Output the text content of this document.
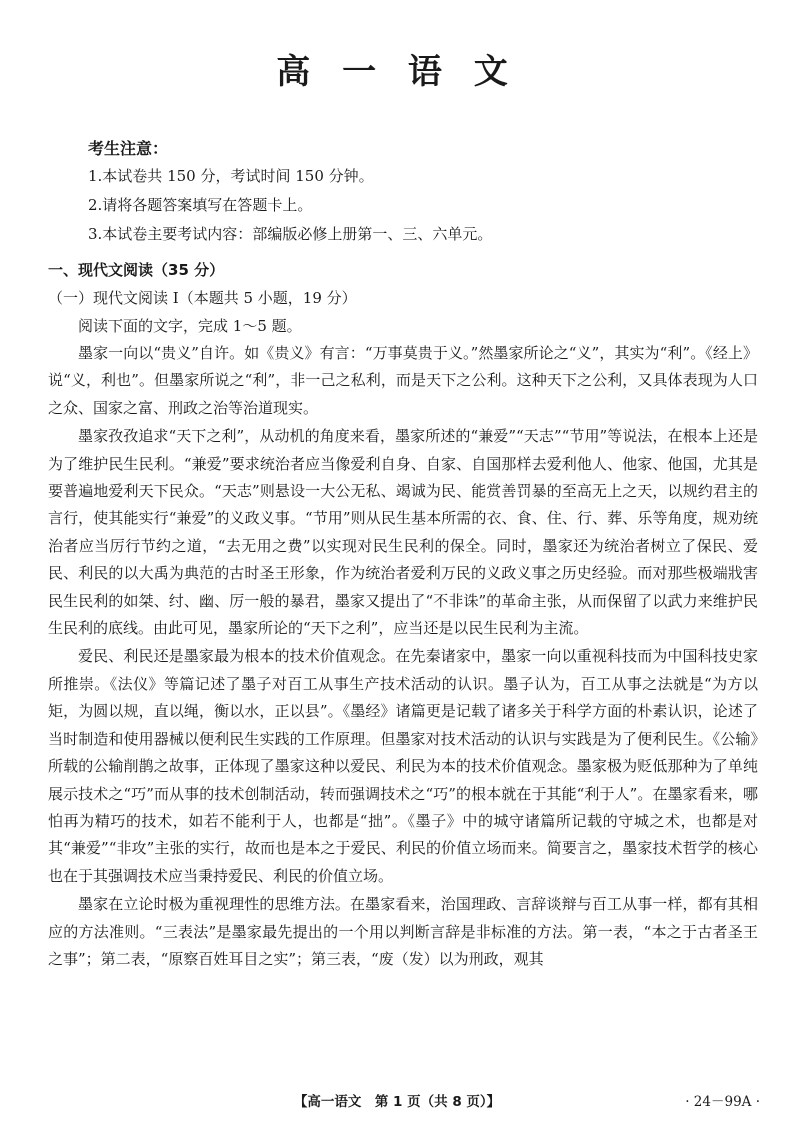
高 一 语 文
考生注意：
1.本试卷共 150 分，考试时间 150 分钟。
2.请将各题答案填写在答题卡上。
3.本试卷主要考试内容：部编版必修上册第一、三、六单元。
一、现代文阅读（35 分）
（一）现代文阅读 Ⅰ（本题共 5 小题，19 分）
阅读下面的文字，完成 1～5 题。

墨家一向以“贵义”自许。如《贵义》有言：“万事莫贵于义。”然墨家所论之“义”，其实为“利”。《经上》说“义，利也”。但墨家所说之“利”，非一己之私利，而是天下之公利。这种天下之公利，又具体表现为人口之众、国家之富、刑政之治等治道现实。

墨家孜孜追求“天下之利”，从动机的角度来看，墨家所述的“兼爱”“天志”“节用”等说法，在根本上还是为了维护民生民利。“兼爱”要求统治者应当像爱利自身、自家、自国那样去爱利他人、他家、他国，尤其是要普遍地爱利天下民众。“天志”则悬设一大公无私、竭诚为民、能赏善罚暴的至高无上之天，以规约君主的言行，使其能实行“兼爱”的义政义事。“节用”则从民生基本所需的衣、食、住、行、葬、乐等角度，规劝统治者应当厉行节约之道，“去无用之费”以实现对民生民利的保全。同时，墨家还为统治者树立了保民、爱民、利民的以大禹为典范的古时圣王形象，作为统治者爱利万民的义政义事之历史经验。而对那些极端戕害民生民利的如桀、纣、幽、厉一般的暴君，墨家又提出了“不非诛”的革命主张，从而保留了以武力来维护民生民利的底线。由此可见，墨家所论的“天下之利”，应当还是以民生民利为主流。

爱民、利民还是墨家最为根本的技术价值观念。在先秦诸家中，墨家一向以重视科技而为中国科技史家所推崇。《法仪》等篇记述了墨子对百工从事生产技术活动的认识。墨子认为，百工从事之法就是“为方以矩，为圆以规，直以绳，衡以水，正以县”。《墨经》诸篇更是记载了诸多关于科学方面的朴素认识，论述了当时制造和使用器械以便利民生实践的工作原理。但墨家对技术活动的认识与实践是为了便利民生。《公输》所载的公输削鹊之故事，正体现了墨家这种以爱民、利民为本的技术价值观念。墨家极为贬低那种为了单纯展示技术之“巧”而从事的技术创制活动，转而强调技术之“巧”的根本就在于其能“利于人”。在墨家看来，哪怕再为精巧的技术，如若不能利于人，也都是“拙”。《墨子》中的城守诸篇所记载的守城之术，也都是对其“兼爱”“非攻”主张的实行，故而也是本之于爱民、利民的价值立场而来。简要言之，墨家技术哲学的核心也在于其强调技术应当秉持爱民、利民的价值立场。

墨家在立论时极为重视理性的思维方法。在墨家看来，治国理政、言辞谈辩与百工从事一样，都有其相应的方法准则。“三表法”是墨家最先提出的一个用以判断言辞是非标准的方法。第一表，“本之于古者圣王之事”；第二表，“原察百姓耳目之实”；第三表，“废（发）以为刑政，观其

【高一语文　第 1 页（共 8 页）】	· 24－99A ·
